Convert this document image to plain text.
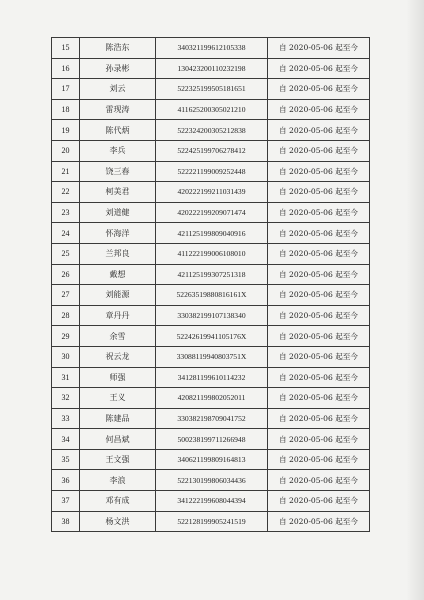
15	陈浩东	340321199612105338	自 2020-05-06 起至今
16	孙录彬	130423200110232198	自 2020-05-06 起至今
17	刘云	522325199505181651	自 2020-05-06 起至今
18	雷现涛	411625200305021210	自 2020-05-06 起至今
19	陈代炳	522324200305212838	自 2020-05-06 起至今
20	李兵	522425199706278412	自 2020-05-06 起至今
21	饶三春	522221199009252448	自 2020-05-06 起至今
22	柯美君	420222199211031439	自 2020-05-06 起至今
23	刘道健	420222199209071474	自 2020-05-06 起至今
24	怀海洋	421125199809040916	自 2020-05-06 起至今
25	兰邦良	411222199006108010	自 2020-05-06 起至今
26	戴想	421125199307251318	自 2020-05-06 起至今
27	刘能源	52263519880816161X	自 2020-05-06 起至今
28	章丹丹	330382199107138340	自 2020-05-06 起至今
29	余雪	52242619941105176X	自 2020-05-06 起至今
30	祝云龙	33088119940803751X	自 2020-05-06 起至今
31	师强	341281199610114232	自 2020-05-06 起至今
32	王义	420821199802052011	自 2020-05-06 起至今
33	陈建品	330382198709041752	自 2020-05-06 起至今
34	何昌斌	500238199711266948	自 2020-05-06 起至今
35	王文强	340621199809164813	自 2020-05-06 起至今
36	李浪	522130199806034436	自 2020-05-06 起至今
37	邓有成	341222199608044394	自 2020-05-06 起至今
38	杨文洪	522128199905241519	自 2020-05-06 起至今
